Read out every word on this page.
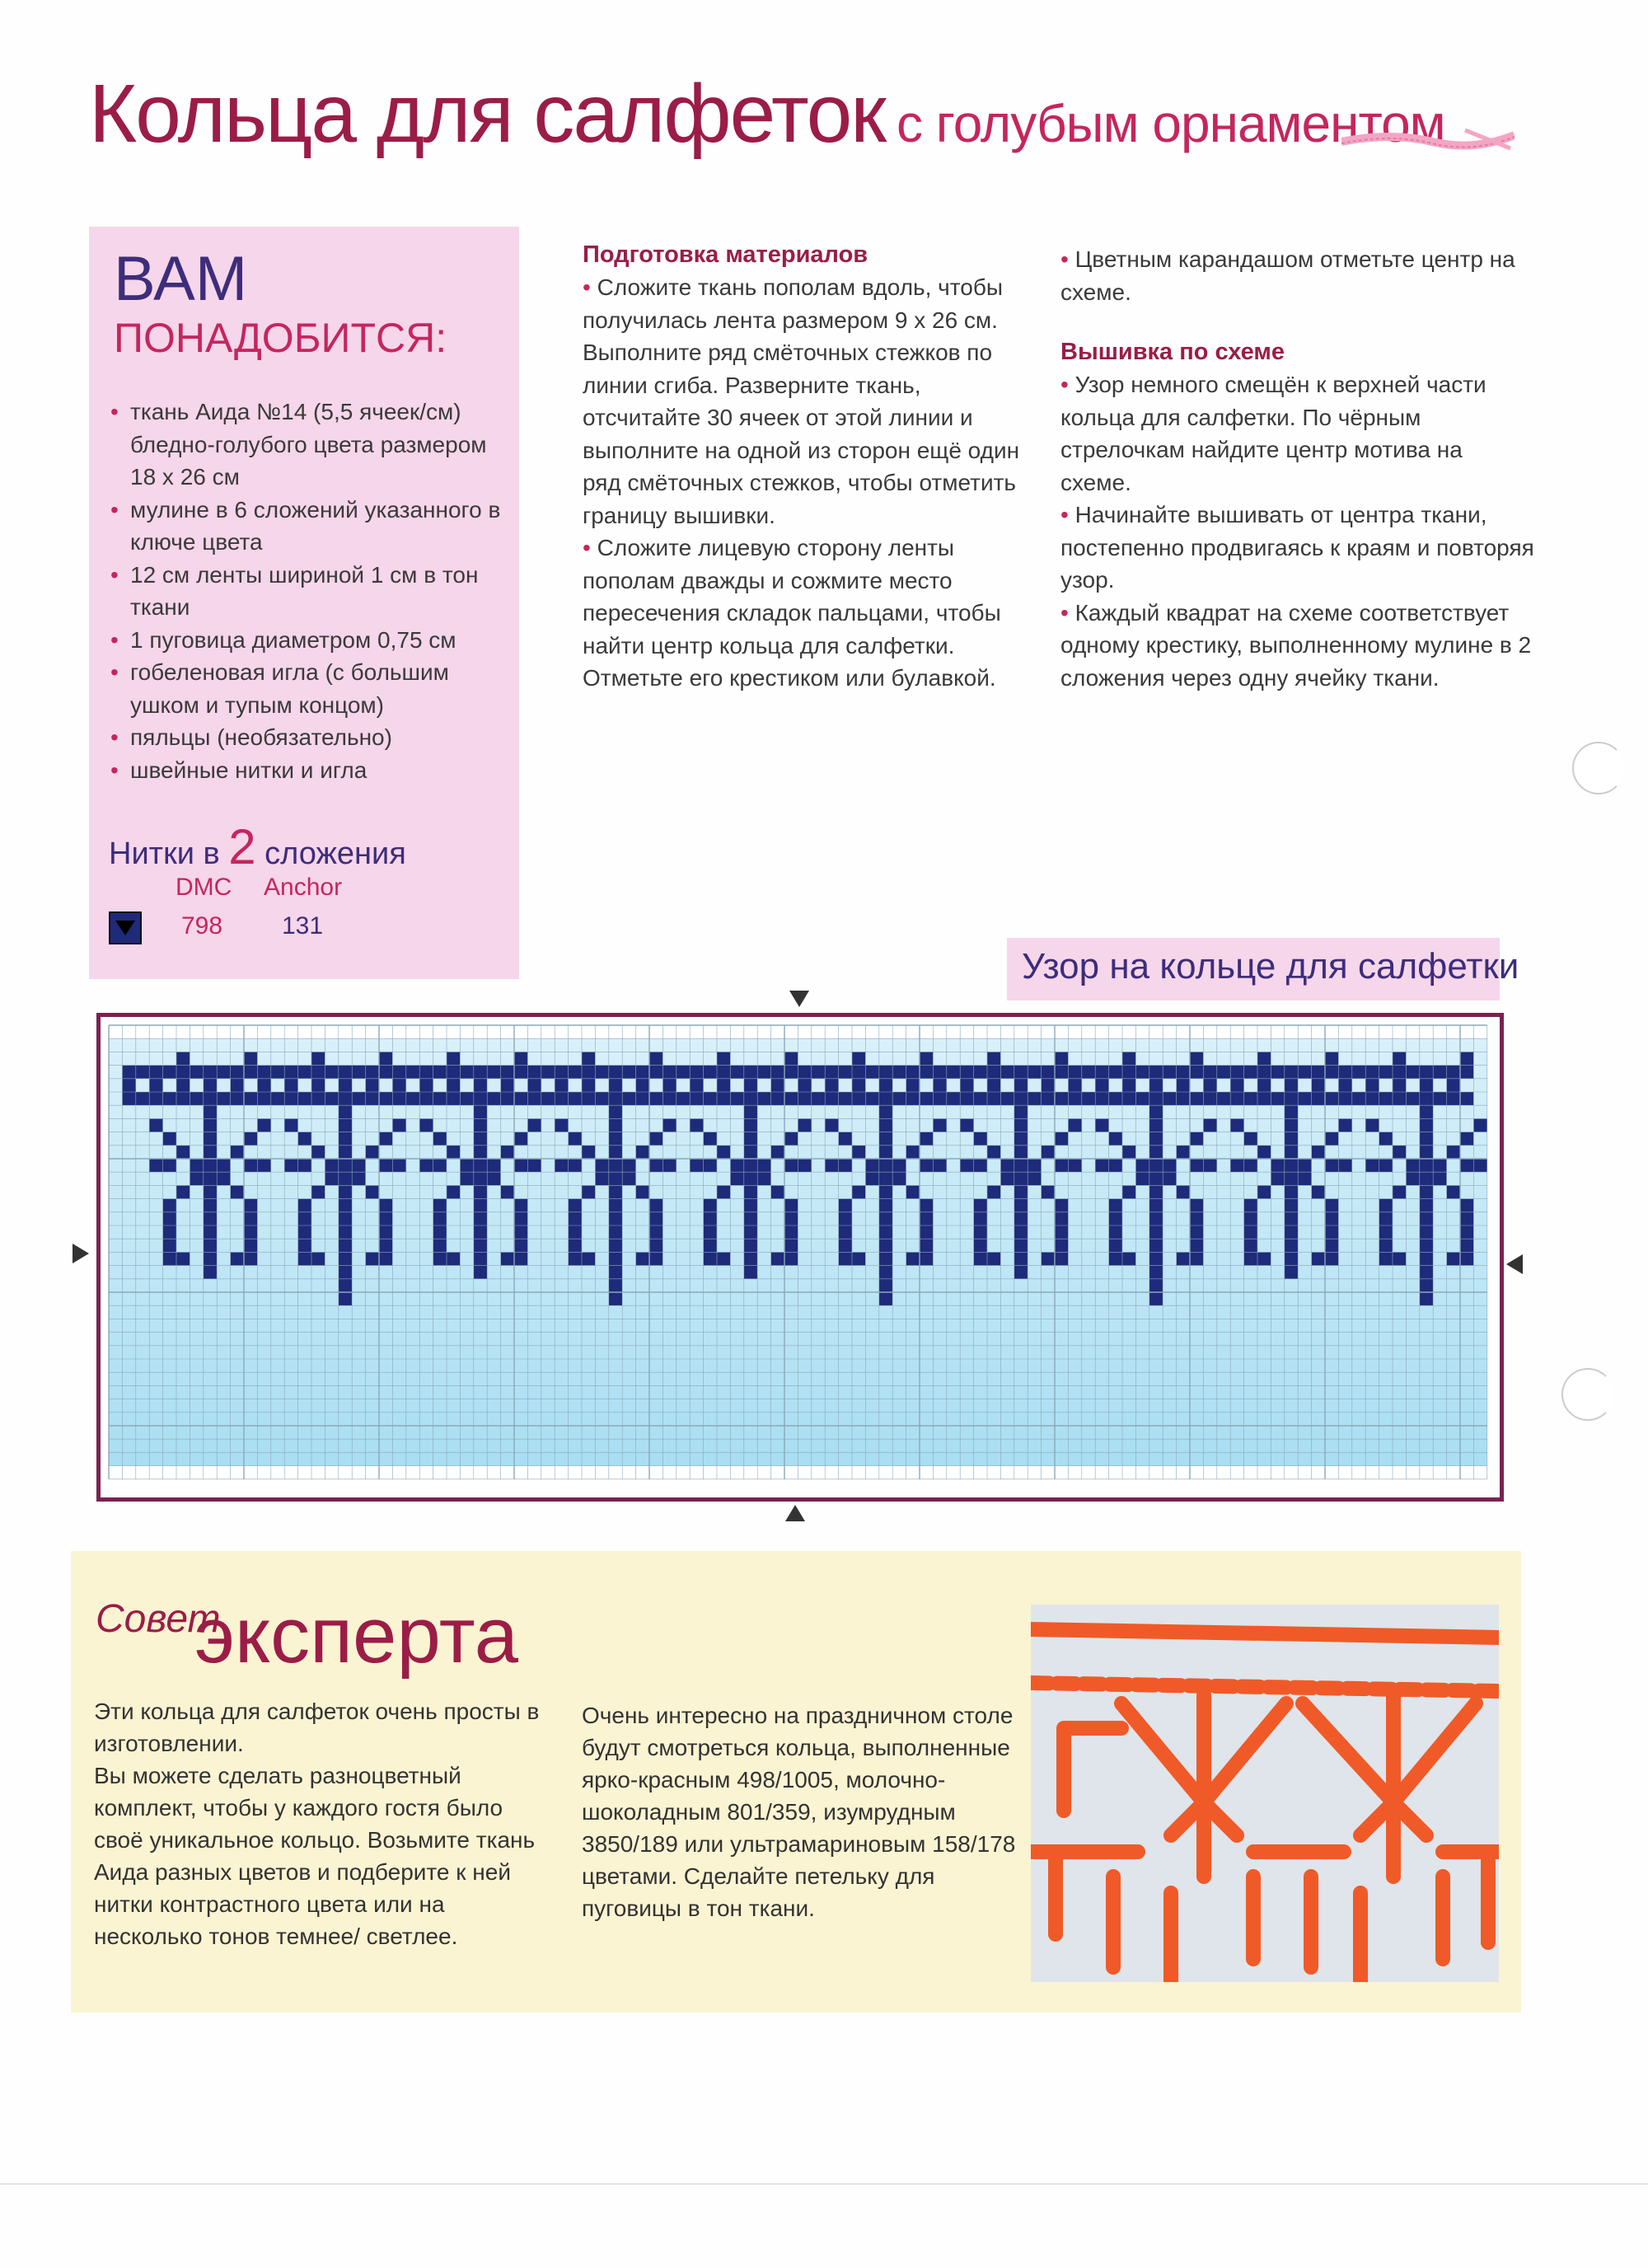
Кольца для салфеток с голубым орнаментом
ВАМ
ПОНАДОБИТСЯ:
• ткань Аида №14 (5,5 ячеек/см) бледно-голубого цвета размером 18 х 26 см
• мулине в 6 сложений указанного в ключе цвета
• 12 см ленты шириной 1 см в тон ткани
• 1 пуговица диаметром 0,75 см
• гобеленовая игла (с большим ушком и тупым концом)
• пяльцы (необязательно)
• швейные нитки и игла
Нитки в 2 сложения
DMC Anchor
798 131
Подготовка материалов

• Сложите ткань пополам вдоль, чтобы получилась лента размером 9 х 26 см. Выполните ряд смёточных стежков по линии сгиба. Разверните ткань, отсчитайте 30 ячеек от этой линии и выполните на одной из сторон ещё один ряд смёточных стежков, чтобы отметить границу вышивки.

• Сложите лицевую сторону ленты пополам дважды и сожмите место пересечения складок пальцами, чтобы найти центр кольца для салфетки. Отметьте его крестиком или булавкой.

• Цветным карандашом отметьте центр на схеме.

Вышивка по схеме

• Узор немного смещён к верхней части кольца для салфетки. По чёрным стрелочкам найдите центр мотива на схеме.

• Начинайте вышивать от центра ткани, постепенно продвигаясь к краям и повторяя узор.

• Каждый квадрат на схеме соответствует одному крестику, выполненному мулине в 2 сложения через одну ячейку ткани.

Узор на кольце для салфетки
Совет
эксперта

Эти кольца для салфеток очень просты в изготовлении.

Вы можете сделать разноцветный комплект, чтобы у каждого гостя было своё уникальное кольцо. Возьмите ткань Аида разных цветов и подберите к ней нитки контрастного цвета или на несколько тонов темнее/ светлее.

Очень интересно на праздничном столе будут смотреться кольца, выполненные ярко-красным 498/1005, молочно-шоколадным 801/359, изумрудным 3850/189 или ультрамариновым 158/178 цветами. Сделайте петельку для пуговицы в тон ткани.
